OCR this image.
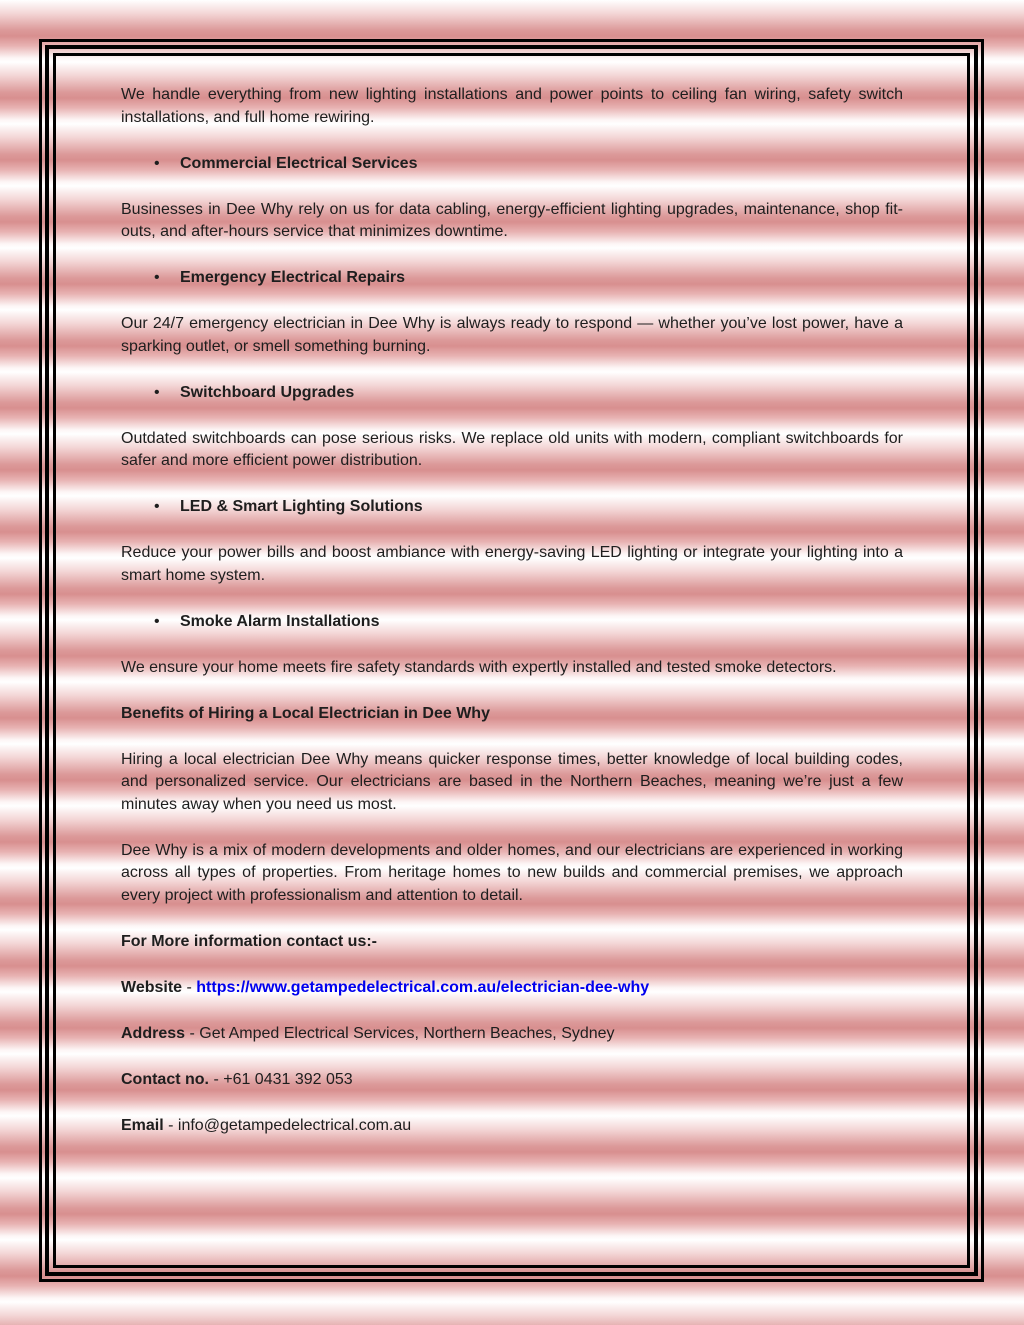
We handle everything from new lighting installations and power points to ceiling fan wiring, safety switch installations, and full home rewiring.

• Commercial Electrical Services

Businesses in Dee Why rely on us for data cabling, energy-efficient lighting upgrades, maintenance, shop fit-outs, and after-hours service that minimizes downtime.

• Emergency Electrical Repairs

Our 24/7 emergency electrician in Dee Why is always ready to respond — whether you’ve lost power, have a sparking outlet, or smell something burning.

• Switchboard Upgrades

Outdated switchboards can pose serious risks. We replace old units with modern, compliant switchboards for safer and more efficient power distribution.

• LED & Smart Lighting Solutions

Reduce your power bills and boost ambiance with energy-saving LED lighting or integrate your lighting into a smart home system.

• Smoke Alarm Installations

We ensure your home meets fire safety standards with expertly installed and tested smoke detectors.

Benefits of Hiring a Local Electrician in Dee Why

Hiring a local electrician Dee Why means quicker response times, better knowledge of local building codes, and personalized service. Our electricians are based in the Northern Beaches, meaning we’re just a few minutes away when you need us most.

Dee Why is a mix of modern developments and older homes, and our electricians are experienced in working across all types of properties. From heritage homes to new builds and commercial premises, we approach every project with professionalism and attention to detail.

For More information contact us:-

Website - https://www.getampedelectrical.com.au/electrician-dee-why

Address - Get Amped Electrical Services, Northern Beaches, Sydney

Contact no. - +61 0431 392 053

Email - info@getampedelectrical.com.au
